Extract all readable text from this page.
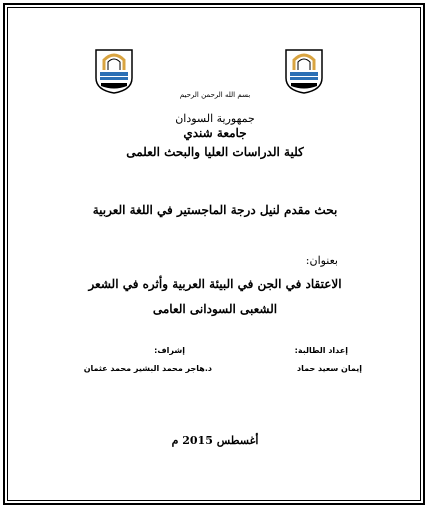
بسم الله الرحمن الرحيم
جمهورية السودان
جامعة شندي
كلية الدراسات العليا والبحث العلمى
بحث مقدم لنيل درجة الماجستير في اللغة العربية
بعنوان:
الاعتقاد في الجن في البيئة العربية وأثره في الشعر
الشعبى السودانى العامى
إعداد الطالبة:
إيمان سعيد حماد
إشراف:
د.هاجر محمد البشير محمد عثمان
أغسطس 2015 م
